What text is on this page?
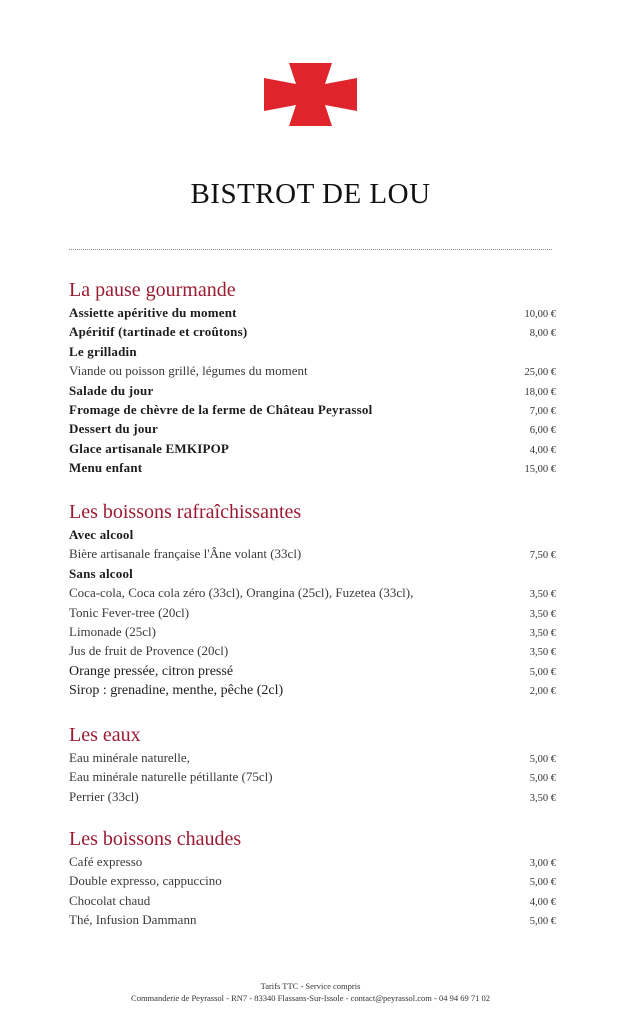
BISTROT DE LOU
La pause gourmande
Assiette apéritive du moment	10,00 €
Apéritif (tartinade et croûtons)	8,00 €
Le grilladin
Viande ou poisson grillé, légumes du moment	25,00 €
Salade du jour	18,00 €
Fromage de chèvre de la ferme de Château Peyrassol	7,00 €
Dessert du jour	6,00 €
Glace artisanale EMKIPOP	4,00 €
Menu enfant	15,00 €
Les boissons rafraîchissantes
Avec alcool
Bière artisanale française l'Âne volant (33cl)	7,50 €
Sans alcool
Coca-cola, Coca cola zéro (33cl), Orangina (25cl), Fuzetea (33cl),	3,50 €
Tonic Fever-tree (20cl)	3,50 €
Limonade (25cl)	3,50 €
Jus de fruit de Provence (20cl)	3,50 €
Orange pressée, citron pressé	5,00 €
Sirop : grenadine, menthe, pêche (2cl)	2,00 €
Les eaux
Eau minérale naturelle,	5,00 €
Eau minérale naturelle pétillante (75cl)	5,00 €
Perrier (33cl)	3,50 €
Les boissons chaudes
Café expresso	3,00 €
Double expresso, cappuccino	5,00 €
Chocolat chaud	4,00 €
Thé, Infusion Dammann	5,00 €
Tarifs TTC - Service compris
Commanderie de Peyrassol - RN7 - 83340 Flassans-Sur-Issole - contact@peyrassol.com - 04 94 69 71 02
